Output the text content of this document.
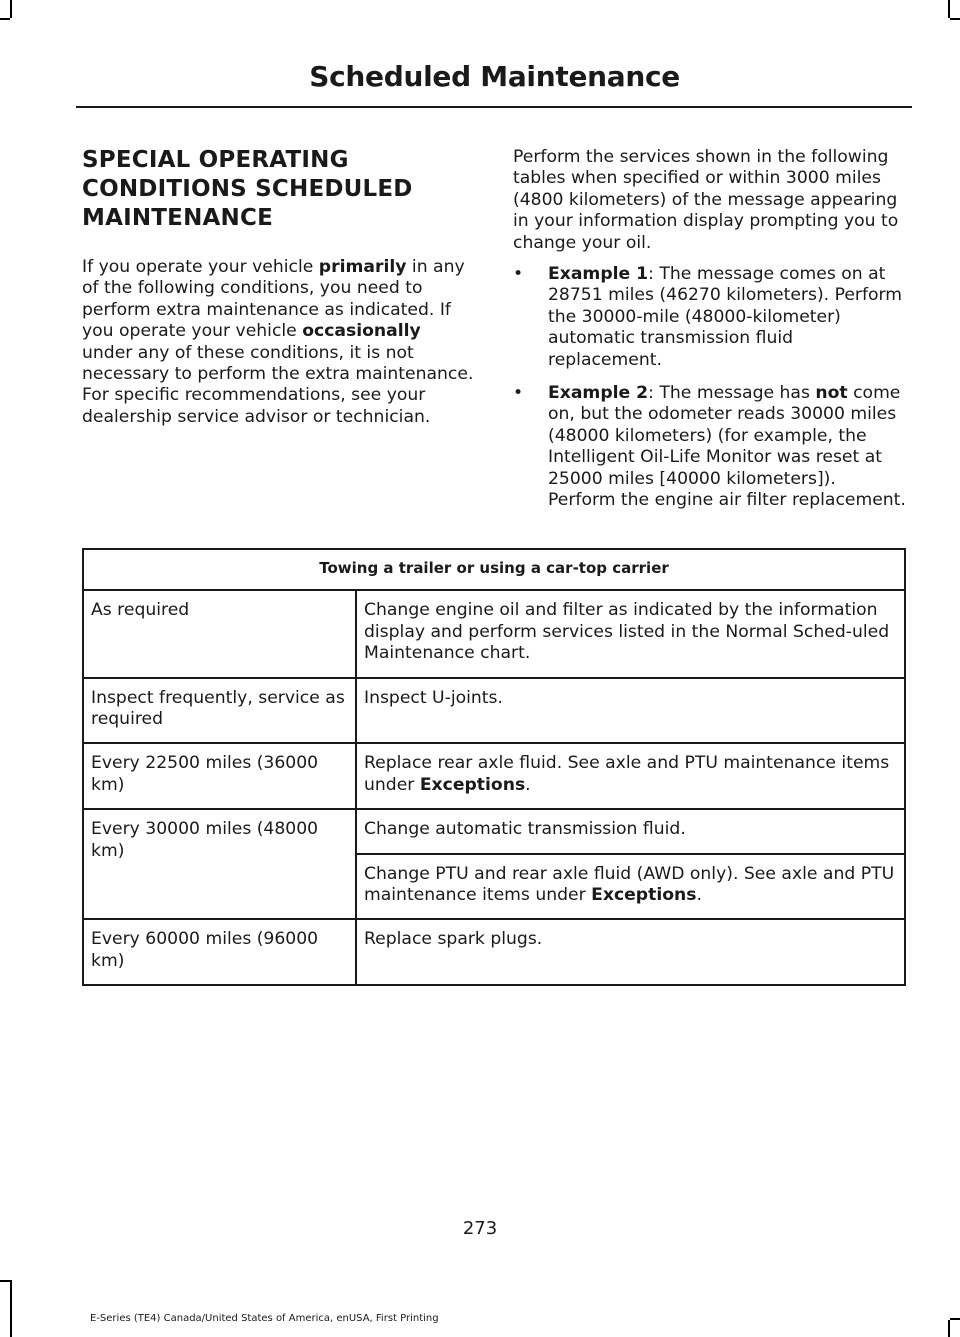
Scheduled Maintenance
SPECIAL OPERATING
CONDITIONS SCHEDULED
MAINTENANCE

If you operate your vehicle primarily in any of the following conditions, you need to perform extra maintenance as indicated. If you operate your vehicle occasionally under any of these conditions, it is not necessary to perform the extra maintenance. For specific recommendations, see your dealership service advisor or technician.

Perform the services shown in the following tables when specified or within 3000 miles (4800 kilometers) of the message appearing in your information display prompting you to change your oil.

• Example 1: The message comes on at 28751 miles (46270 kilometers). Perform the 30000-mile (48000-kilometer) automatic transmission fluid replacement.
• Example 2: The message has not come on, but the odometer reads 30000 miles (48000 kilometers) (for example, the Intelligent Oil-Life Monitor was reset at 25000 miles [40000 kilometers]). Perform the engine air filter replacement.
Towing a trailer or using a car-top carrier	
As required	Change engine oil and filter as indicated by the information display and perform services listed in the Normal Sched-uled Maintenance chart.
Inspect frequently, service as required	Inspect U-joints.
Every 22500 miles (36000 km)	Replace rear axle fluid. See axle and PTU maintenance items under Exceptions.
Every 30000 miles (48000 km)	Change automatic transmission fluid.
	Change PTU and rear axle fluid (AWD only). See axle and PTU maintenance items under Exceptions.
Every 60000 miles (96000 km)	Replace spark plugs.
273
E-Series (TE4) Canada/United States of America, enUSA, First Printing
